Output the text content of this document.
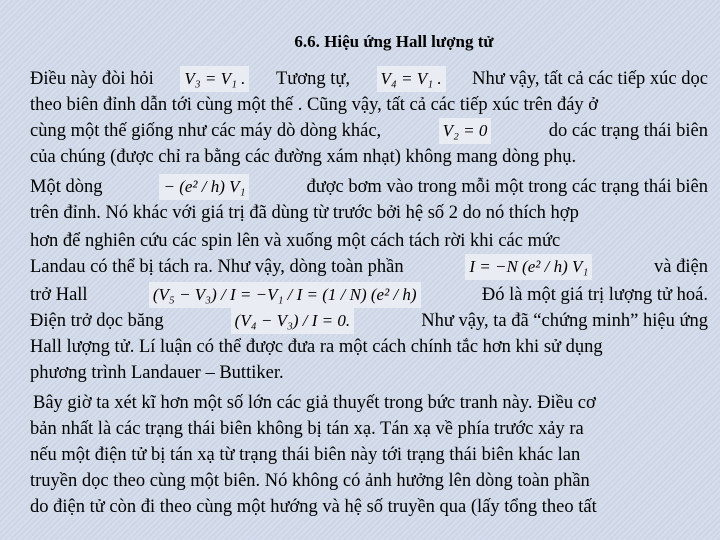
6.6. Hiệu ứng Hall lượng tử
Điều này đòi hỏi V₃ = V₁ . Tương tự, V₄ = V₁ . Như vậy, tất cả các tiếp xúc dọc
theo biên đỉnh dẫn tới cùng một thế . Cũng vậy, tất cả các tiếp xúc trên đáy ở
cùng một thế giống như các máy dò dòng khác,	V₂ = 0	do các trạng thái biên
của chúng (được chỉ ra bằng các đường xám nhạt) không mang dòng phụ.
Một dòng	− (e² / h) V₁	được bơm vào trong mỗi một trong các trạng thái biên
trên đỉnh. Nó khác với giá trị đã dùng từ trước bởi hệ số 2 do nó thích hợp
hơn để nghiên cứu các spin lên và xuống một cách tách rời khi các mức
Landau có thể bị tách ra. Như vậy, dòng toàn phần	I = −N (e² / h) V₁	và điện
trở Hall	(V₅ − V₃) / I = −V₁ / I = (1 / N) (e² / h)	Đó là một giá trị lượng tử hoá.
Điện trở dọc băng	(V₄ − V₃) / I = 0.	Như vậy, ta đã “chứng minh” hiệu ứng
Hall lượng tử. Lí luận có thể được đưa ra một cách chính tắc hơn khi sử dụng
phương trình Landauer – Buttiker.
Bây giờ ta xét kĩ hơn một số lớn các giả thuyết trong bức tranh này. Điều cơ
bản nhất là các trạng thái biên không bị tán xạ. Tán xạ về phía trước xảy ra
nếu một điện tử bị tán xạ từ trạng thái biên này tới trạng thái biên khác lan
truyền dọc theo cùng một biên. Nó không có ảnh hưởng lên dòng toàn phần
do điện tử còn đi theo cùng một hướng và hệ số truyền qua (lấy tổng theo tất
